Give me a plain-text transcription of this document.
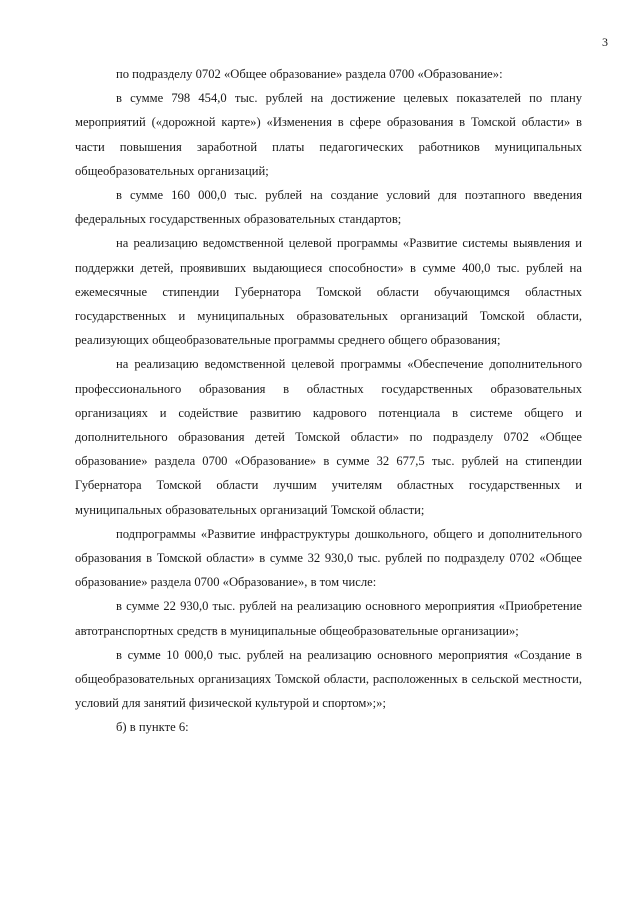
3

по подразделу 0702 «Общее образование» раздела 0700 «Образование»:

в сумме 798 454,0 тыс. рублей на достижение целевых показателей по плану мероприятий («дорожной карте») «Изменения в сфере образования в Томской области» в части повышения заработной платы педагогических работников муниципальных общеобразовательных организаций;

в сумме 160 000,0 тыс. рублей на создание условий для поэтапного введения федеральных государственных образовательных стандартов;

на реализацию ведомственной целевой программы «Развитие системы выявления и поддержки детей, проявивших выдающиеся способности» в сумме 400,0 тыс. рублей на ежемесячные стипендии Губернатора Томской области обучающимся областных государственных и муниципальных образовательных организаций Томской области, реализующих общеобразовательные программы среднего общего образования;

на реализацию ведомственной целевой программы «Обеспечение дополнительного профессионального образования в областных государственных образовательных организациях и содействие развитию кадрового потенциала в системе общего и дополнительного образования детей Томской области» по подразделу 0702 «Общее образование» раздела 0700 «Образование» в сумме 32 677,5 тыс. рублей на стипендии Губернатора Томской области лучшим учителям областных государственных и муниципальных образовательных организаций Томской области;

подпрограммы «Развитие инфраструктуры дошкольного, общего и дополнительного образования в Томской области» в сумме 32 930,0 тыс. рублей по подразделу 0702 «Общее образование» раздела 0700 «Образование», в том числе:

в сумме 22 930,0 тыс. рублей на реализацию основного мероприятия «Приобретение автотранспортных средств в муниципальные общеобразовательные организации»;

в сумме 10 000,0 тыс. рублей на реализацию основного мероприятия «Создание в общеобразовательных организациях Томской области, расположенных в сельской местности, условий для занятий физической культурой и спортом»;»;

б) в пункте 6:
